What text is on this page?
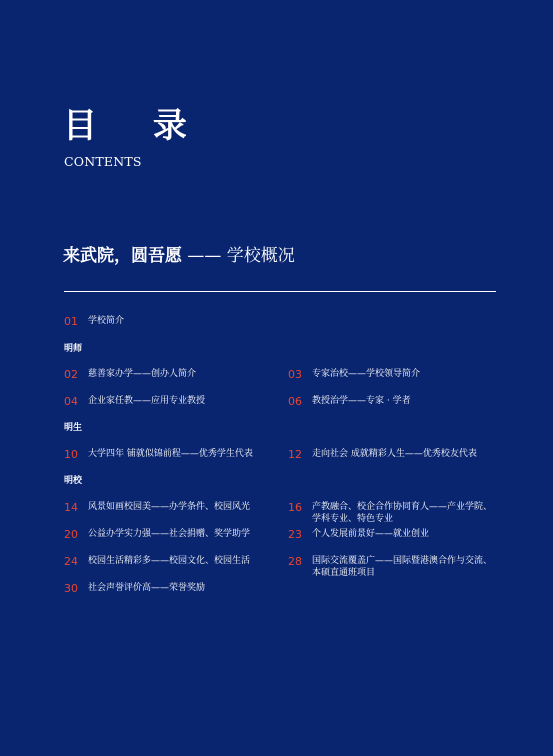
目 录
CONTENTS
来武院，圆吾愿 —— 学校概况
01	学校简介
明师
02	慈善家办学——创办人简介	03	专家治校——学校领导简介
04	企业家任教——应用专业教授	06	教授治学——专家 · 学者
明生
10	大学四年 铺就似锦前程——优秀学生代表	12	走向社会 成就精彩人生——优秀校友代表
明校
14	风景如画校园美——办学条件、校园风光	16	产教融合、校企合作协同育人——产业学院、
学科专业、特色专业
20	公益办学实力强——社会捐赠、奖学助学	23	个人发展前景好——就业创业
24	校园生活精彩多——校园文化、校园生活	28	国际交流覆盖广——国际暨港澳合作与交流、
本硕直通班项目
30	社会声誉评价高——荣誉奖励
